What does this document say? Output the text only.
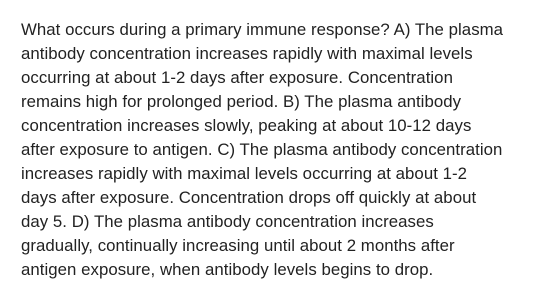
What occurs during a primary immune response? A) The plasma
antibody concentration increases rapidly with maximal levels
occurring at about 1-2 days after exposure. Concentration
remains high for prolonged period. B) The plasma antibody
concentration increases slowly, peaking at about 10-12 days
after exposure to antigen. C) The plasma antibody concentration
increases rapidly with maximal levels occurring at about 1-2
days after exposure. Concentration drops off quickly at about
day 5. D) The plasma antibody concentration increases
gradually, continually increasing until about 2 months after
antigen exposure, when antibody levels begins to drop.
